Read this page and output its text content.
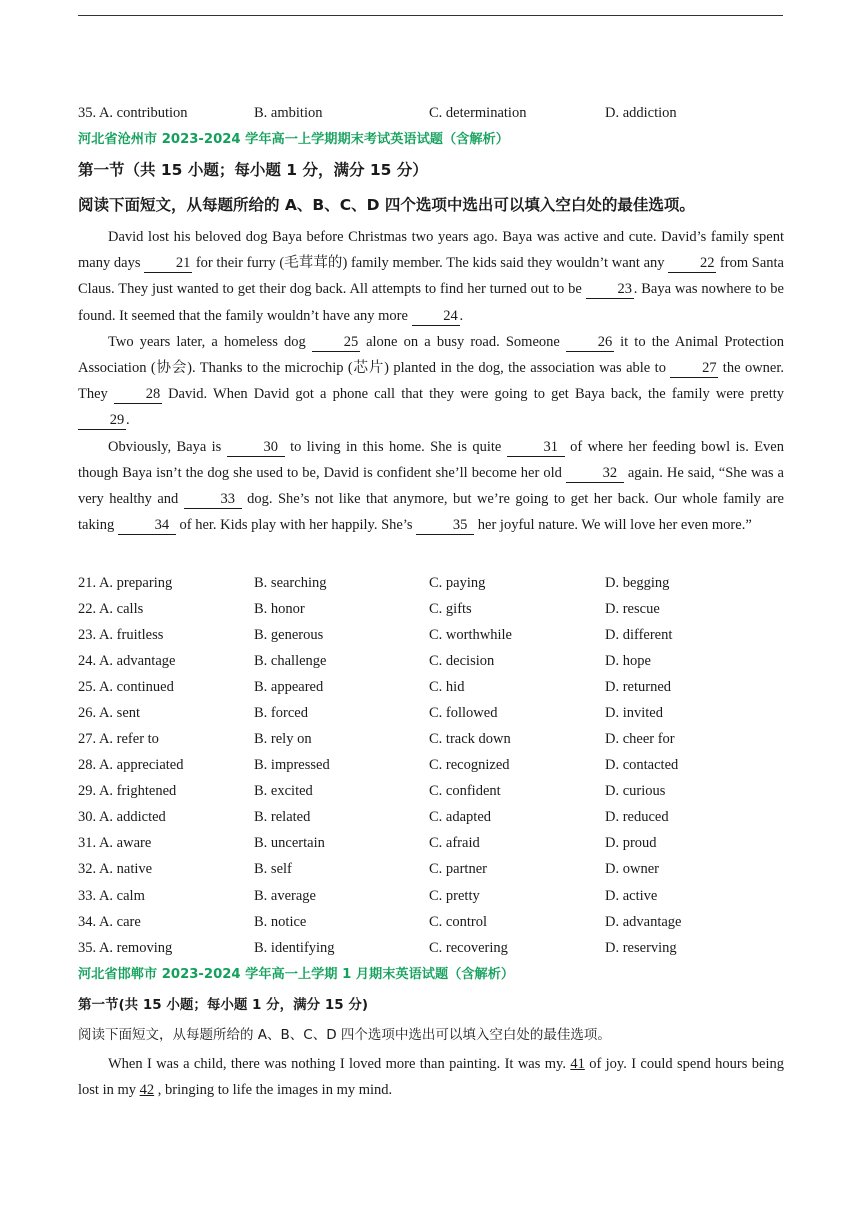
35. A. contribution	B. ambition	C. determination	D. addiction
河北省沧州市 2023-2024 学年高一上学期期末考试英语试题（含解析）
第一节（共 15 小题；每小题 1 分，满分 15 分）
阅读下面短文，从每题所给的 A、B、C、D 四个选项中选出可以填入空白处的最佳选项。

David lost his beloved dog Baya before Christmas two years ago. Baya was active and cute. David’s family spent many days 21 for their furry (毛茸茸的) family member. The kids said they wouldn’t want any 22 from Santa Claus. They just wanted to get their dog back. All attempts to find her turned out to be 23 . Baya was nowhere to be found. It seemed that the family wouldn’t have any more 24 .

Two years later, a homeless dog 25 alone on a busy road. Someone 26 it to the Animal Protection Association (协会). Thanks to the microchip (芯片) planted in the dog, the association was able to 27 the owner. They 28 David. When David got a phone call that they were going to get Baya back, the family were pretty 29 .

Obviously, Baya is	30 to living in this home. She is quite	31 of where her feeding bowl is. Even though Baya isn’t the dog she used to be, David is confident she’ll become her old	32 again. He said, “She was a very healthy and	33 dog. She’s not like that anymore, but we’re going to get her back. Our whole family are taking	34 of her. Kids play with her happily. She’s	35 her joyful nature. We will love her even more.”

21. A. preparing	B. searching	C. paying	D. begging
22. A. calls	B. honor	C. gifts	D. rescue
23. A. fruitless	B. generous	C. worthwhile	D. different
24. A. advantage	B. challenge	C. decision	D. hope
25. A. continued	B. appeared	C. hid	D. returned
26. A. sent	B. forced	C. followed	D. invited
27. A. refer to	B. rely on	C. track down	D. cheer for
28. A. appreciated	B. impressed	C. recognized	D. contacted
29. A. frightened	B. excited	C. confident	D. curious
30. A. addicted	B. related	C. adapted	D. reduced
31. A. aware	B. uncertain	C. afraid	D. proud
32. A. native	B. self	C. partner	D. owner
33. A. calm	B. average	C. pretty	D. active
34. A. care	B. notice	C. control	D. advantage
35. A. removing	B. identifying	C. recovering	D. reserving
河北省邯郸市 2023-2024 学年高一上学期 1 月期末英语试题（含解析）
第一节(共 15 小题；每小题 1 分，满分 15 分)
阅读下面短文，从每题所给的 A、B、C、D 四个选项中选出可以填入空白处的最佳选项。

When I was a child, there was nothing I loved more than painting. It was my. 41 of joy. I could spend hours being lost in my 42 , bringing to life the images in my mind.
